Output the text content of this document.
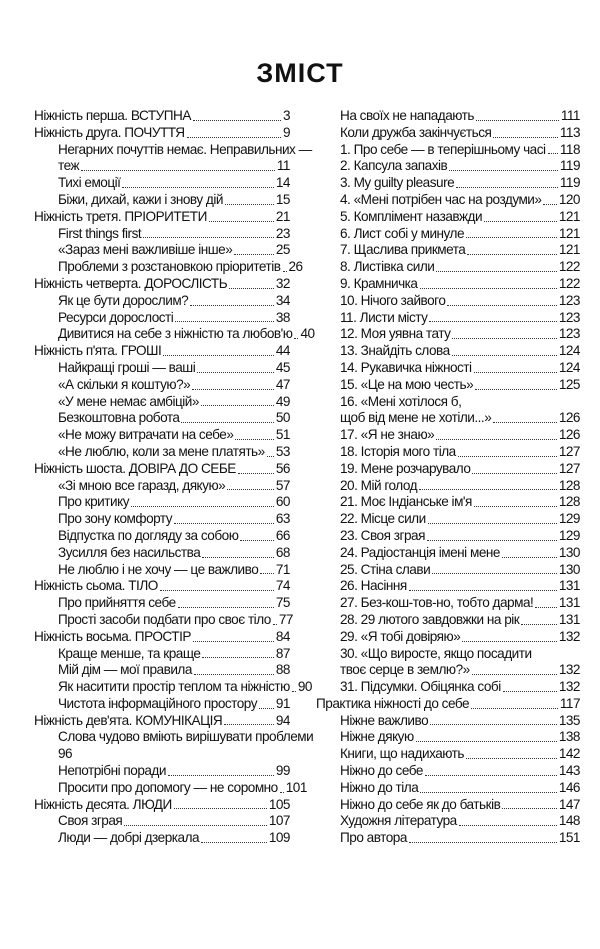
ЗМІСТ
Ніжність перша. ВСТУПНА	3
Ніжність друга. ПОЧУТТЯ	9
Негарних почуттів немає. Неправильних —
теж	11
Тихі емоції	14
Біжи, дихай, кажи і знову дій	15
Ніжність третя. ПРІОРИТЕТИ	21
First things first	23
«Зараз мені важливіше інше»	25
Проблеми з розстановкою пріоритетів 26
Ніжність четверта. ДОРОСЛІСТЬ	32
Як це бути дорослим?	34
Ресурси дорослості	38
Дивитися на себе з ніжністю та любов'ю 40
Ніжність п'ята. ГРОШІ	44
Найкращі гроші — ваші	45
«А скільки я коштую?»	47
«У мене немає амбіцій»	49
Безкоштовна робота	50
«Не можу витрачати на себе»	51
«Не люблю, коли за мене платять» 53
Ніжність шоста. ДОВІРА ДО СЕБЕ	56
«Зі мною все гаразд, дякую»	57
Про критику	60
Про зону комфорту	63
Відпустка по догляду за собою	66
Зусилля без насильства	68
Не люблю і не хочу — це важливо 71
Ніжність сьома. ТІЛО	74
Про прийняття себе	75
Прості засоби подбати про своє тіло 77
Ніжність восьма. ПРОСТІР	84
Краще менше, та краще	87
Мій дім — мої правила	88
Як наситити простір теплом та ніжністю 90
Чистота інформаційного простору 91
Ніжність дев'ята. КОМУНІКАЦІЯ	94
Слова чудово вміють вирішувати проблеми
96
Непотрібні поради	99
Просити про допомогу — не соромно 101
Ніжність десята. ЛЮДИ	105
Своя зграя	107
Люди — добрі дзеркала	109
На своїх не нападають	111
Коли дружба закінчується	113
1. Про себе — в теперішньому часі 118
2. Капсула запахів	119
3. My guilty pleasure	119
4. «Мені потрібен час на роздуми» 120
5. Комплімент назавжди	121
6. Лист собі у минуле	121
7. Щаслива прикмета	121
8. Листівка сили	122
9. Крамничка	122
10. Нічого зайвого	123
11. Листи місту	123
12. Моя уявна тату	123
13. Знайдіть слова	124
14. Рукавичка ніжності	124
15. «Це на мою честь»	125
16. «Мені хотілося б,
щоб від мене не хотіли...»	126
17. «Я не знаю»	126
18. Історія мого тіла	127
19. Мене розчарувало	127
20. Мій голод	128
21. Моє Індіанське ім'я	128
22. Місце сили	129
23. Своя зграя	129
24. Радіостанція імені мене	130
25. Стіна слави	130
26. Насіння	131
27. Без-кош-тов-но, тобто дарма! 131
28. 29 лютого завдовжки на рік	131
29. «Я тобі довіряю»	132
30. «Що виросте, якщо посадити
твоє серце в землю?»	132
31. Підсумки. Обіцянка собі	132
Практика ніжності до себе	117
Ніжне важливо	135
Ніжне дякую	138
Книги, що надихають	142
Ніжно до себе	143
Ніжно до тіла	146
Ніжно до себе як до батьків	147
Художня література	148
Про автора	151
